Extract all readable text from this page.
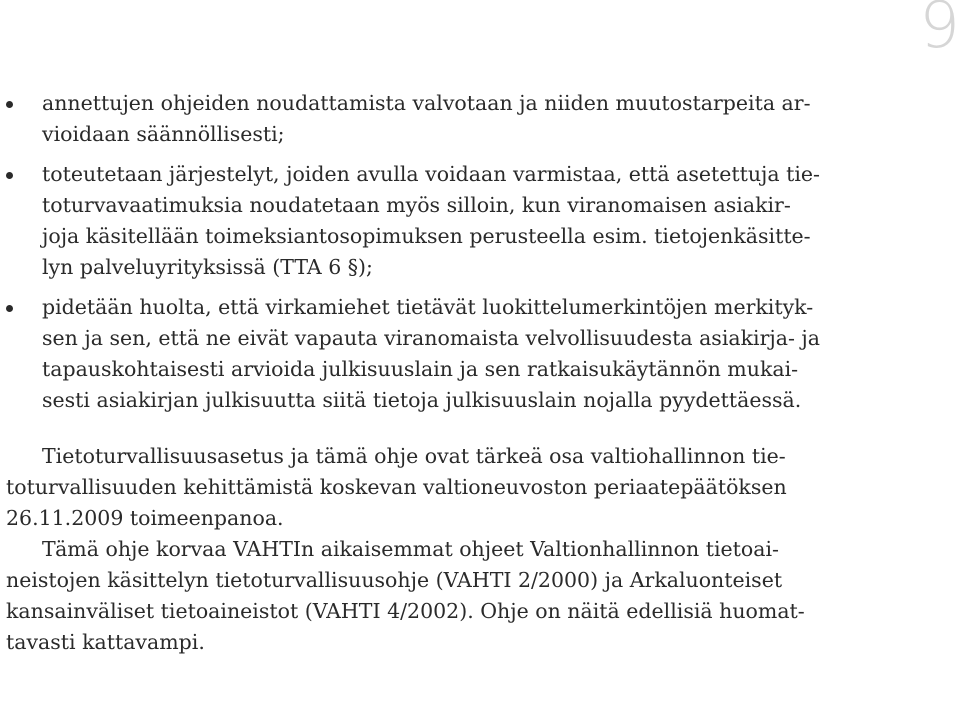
9
annettujen ohjeiden noudattamista valvotaan ja niiden muutostarpeita ar-
vioidaan säännöllisesti;
toteutetaan järjestelyt, joiden avulla voidaan varmistaa, että asetettuja tie-
toturvavaatimuksia noudatetaan myös silloin, kun viranomaisen asiakir-
joja käsitellään toimeksiantosopimuksen perusteella esim. tietojenkäsitte-
lyn palveluyrityksissä (TTA 6 §);
pidetään huolta, että virkamiehet tietävät luokittelumerkintöjen merkityk-
sen ja sen, että ne eivät vapauta viranomaista velvollisuudesta asiakirja- ja
tapauskohtaisesti arvioida julkisuuslain ja sen ratkaisukäytännön mukai-
sesti asiakirjan julkisuutta siitä tietoja julkisuuslain nojalla pyydettäessä.

Tietoturvallisuusasetus ja tämä ohje ovat tärkeä osa valtiohallinnon tie-
toturvallisuuden kehittämistä koskevan valtioneuvoston periaatepäätöksen
26.11.2009 toimeenpanoa.

Tämä ohje korvaa VAHTIn aikaisemmat ohjeet Valtionhallinnon tietoai-
neistojen käsittelyn tietoturvallisuusohje (VAHTI 2/2000) ja Arkaluonteiset
kansainväliset tietoaineistot (VAHTI 4/2002). Ohje on näitä edellisiä huomat-
tavasti kattavampi.
